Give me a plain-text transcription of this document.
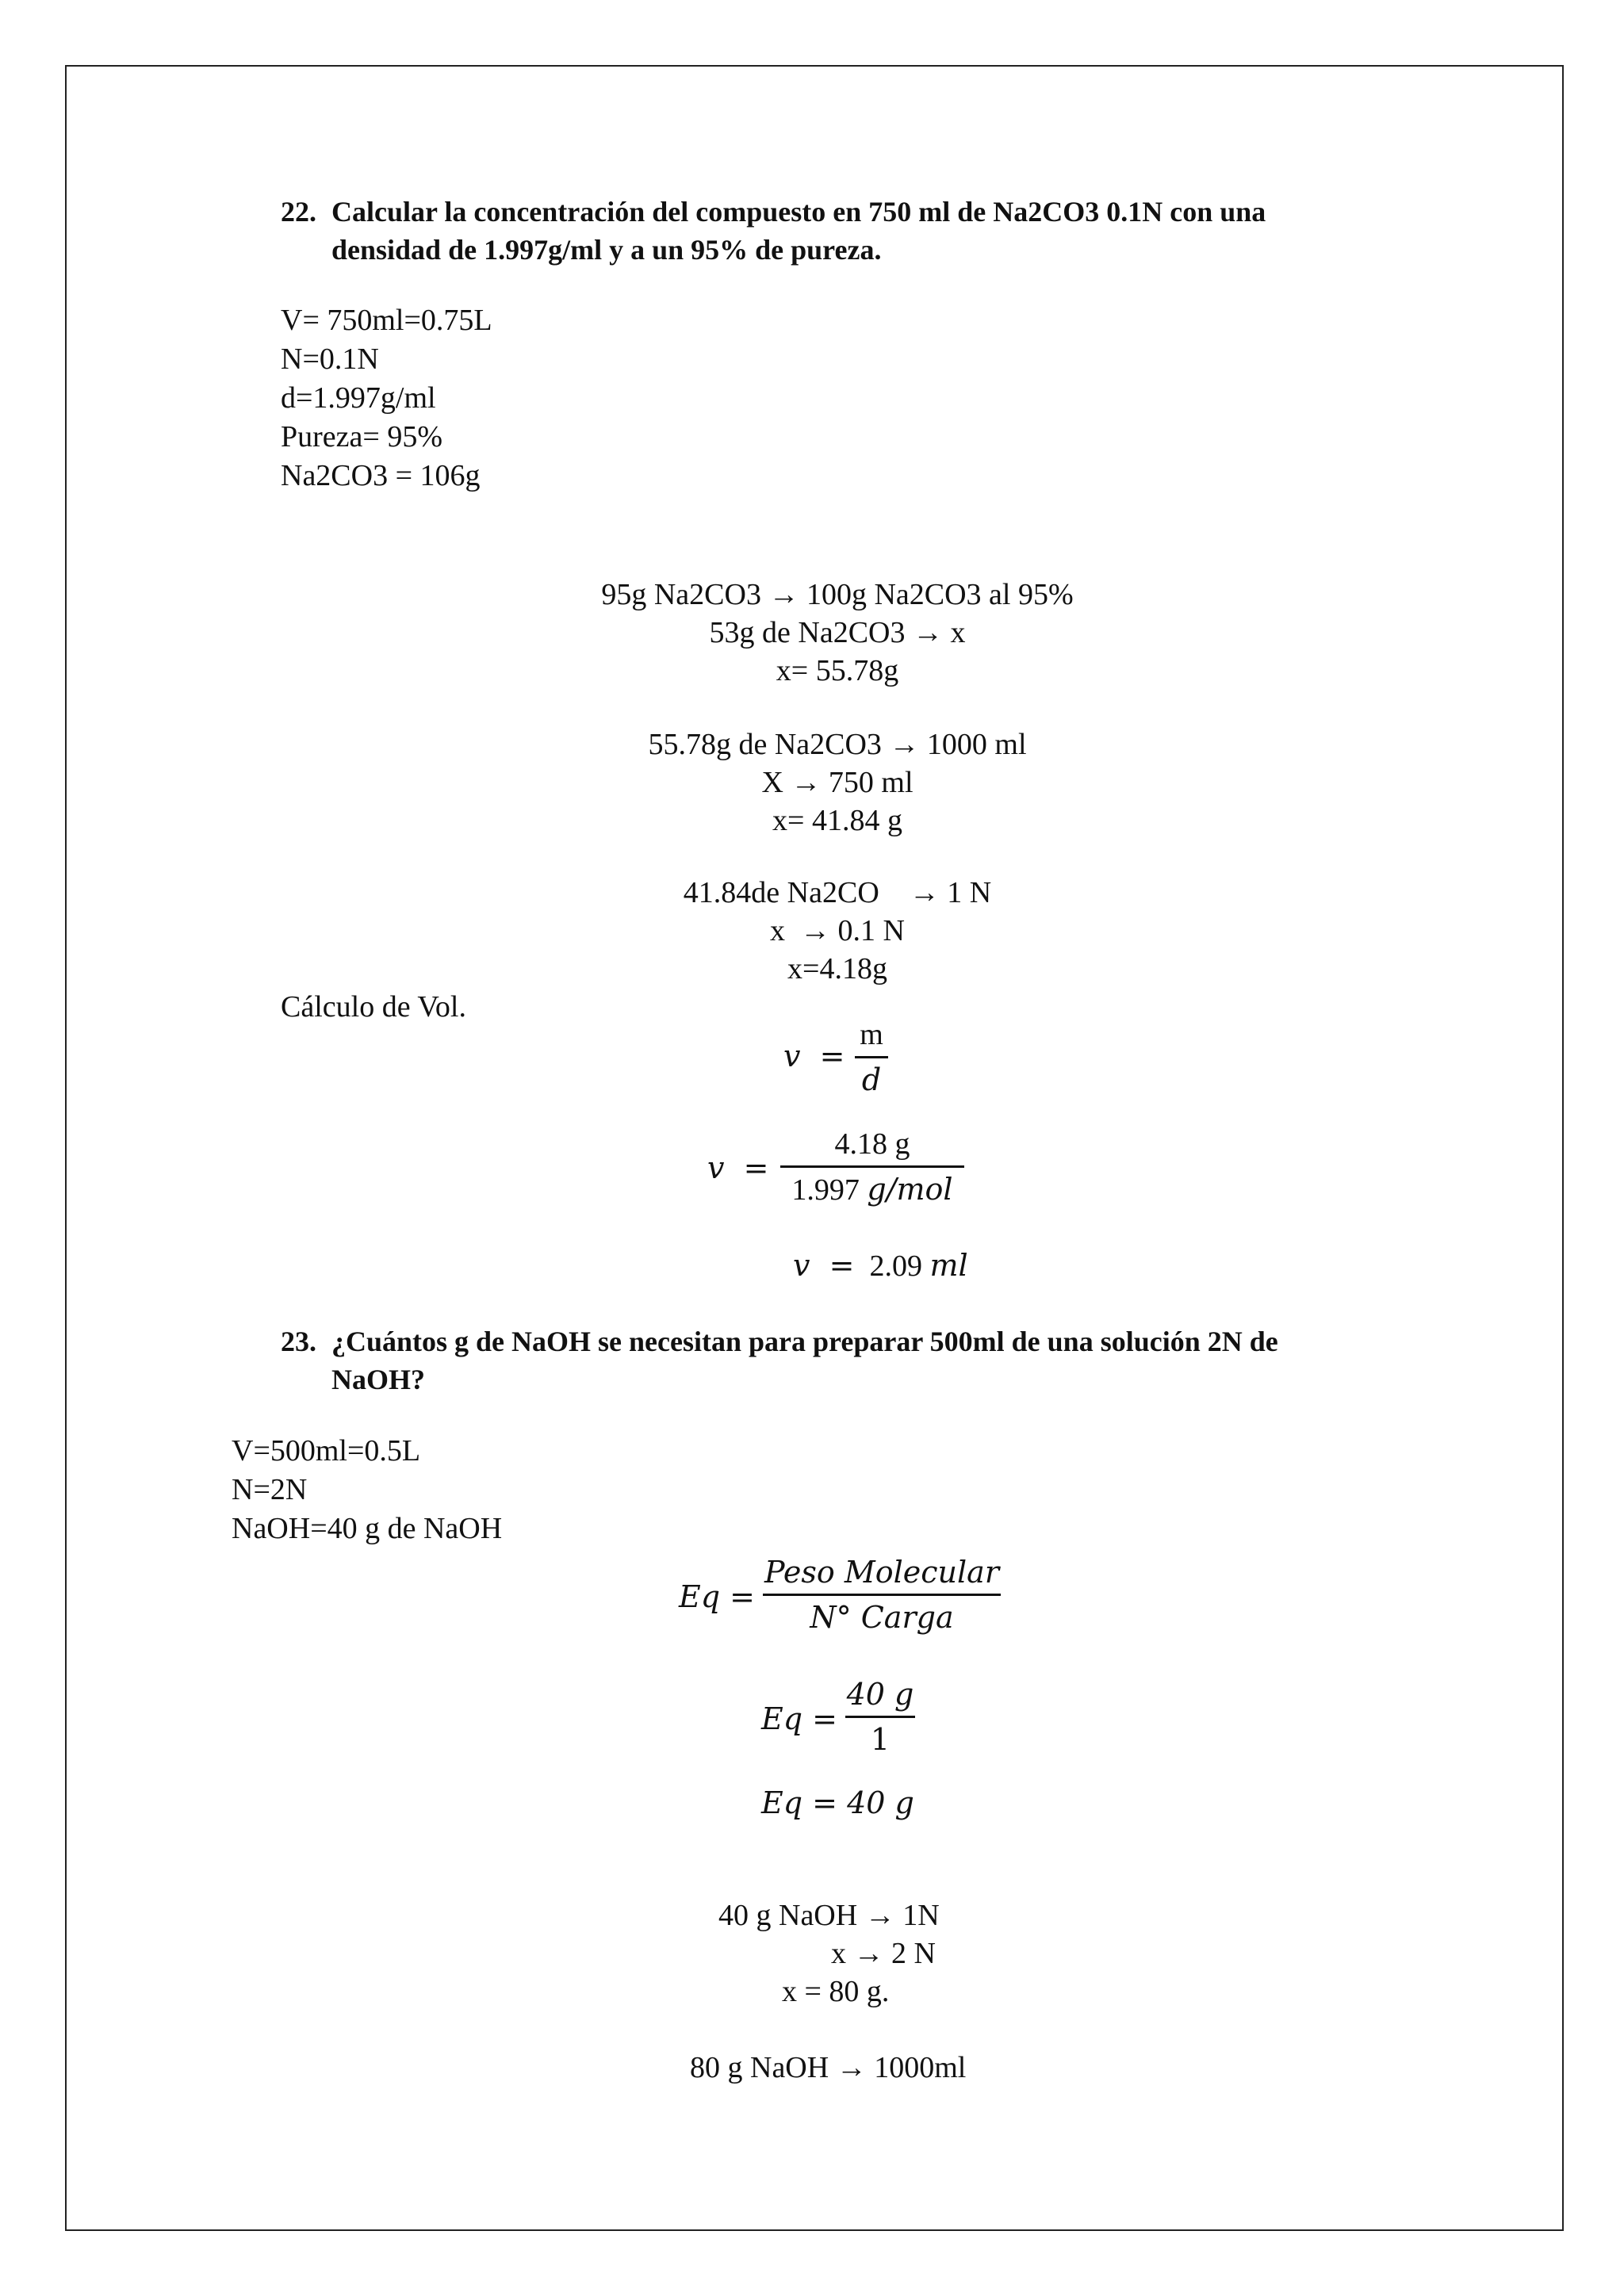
22. Calcular la concentración del compuesto en 750 ml de Na2CO3 0.1N con una
densidad de 1.997g/ml y a un 95% de pureza.
V= 750ml=0.75L
N=0.1N
d=1.997g/ml
Pureza= 95%
Na2CO3 = 106g
95g Na2CO3 → 100g Na2CO3 al 95%
53g de Na2CO3 → x
x= 55.78g
55.78g de Na2CO3 → 1000 ml
X → 750 ml
x= 41.84 g
41.84de Na2CO    → 1 N
x  → 0.1 N
x=4.18g
Cálculo de Vol.
v  =
m
d
v  =
4.18 g
1.997 g/mol
v  = 2.09 ml
23. ¿Cuántos g de NaOH se necesitan para preparar 500ml de una solución 2N de
NaOH?
V=500ml=0.5L
N=2N
NaOH=40 g de NaOH
Eq =
Peso Molecular
N° Carga
Eq =
40 g
1
Eq = 40 g
40 g NaOH → 1N
x → 2 N
x = 80 g.
80 g NaOH → 1000ml
